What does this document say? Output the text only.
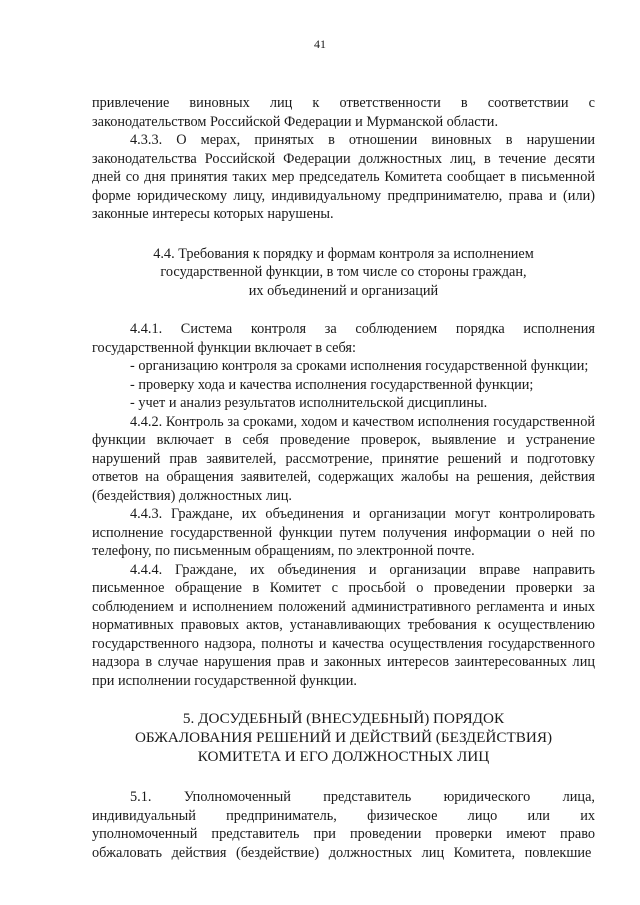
41

привлечение виновных лиц к ответственности в соответствии с законодательством Российской Федерации и Мурманской области.

4.3.3. О мерах, принятых в отношении виновных в нарушении законодательства Российской Федерации должностных лиц, в течение десяти дней со дня принятия таких мер председатель Комитета сообщает в письменной форме юридическому лицу, индивидуальному предпринимателю, права и (или) законные интересы которых нарушены.

4.4. Требования к порядку и формам контроля за исполнением
государственной функции, в том числе со стороны граждан,
их объединений и организаций

4.4.1. Система контроля за соблюдением порядка исполнения государственной функции включает в себя:

- организацию контроля за сроками исполнения государственной функции;

- проверку хода и качества исполнения государственной функции;

- учет и анализ результатов исполнительской дисциплины.

4.4.2. Контроль за сроками, ходом и качеством исполнения государственной функции включает в себя проведение проверок, выявление и устранение нарушений прав заявителей, рассмотрение, принятие решений и подготовку ответов на обращения заявителей, содержащих жалобы на решения, действия (бездействия) должностных лиц.

4.4.3. Граждане, их объединения и организации могут контролировать исполнение государственной функции путем получения информации о ней по телефону, по письменным обращениям, по электронной почте.

4.4.4. Граждане, их объединения и организации вправе направить письменное обращение в Комитет с просьбой о проведении проверки за соблюдением и исполнением положений административного регламента и иных нормативных правовых актов, устанавливающих требования к осуществлению государственного надзора, полноты и качества осуществления государственного надзора в случае нарушения прав и законных интересов заинтересованных лиц при исполнении государственной функции.

5. ДОСУДЕБНЫЙ (ВНЕСУДЕБНЫЙ) ПОРЯДОК
ОБЖАЛОВАНИЯ РЕШЕНИЙ И ДЕЙСТВИЙ (БЕЗДЕЙСТВИЯ)
КОМИТЕТА И ЕГО ДОЛЖНОСТНЫХ ЛИЦ

5.1. Уполномоченный представитель юридического лица, индивидуальный предприниматель, физическое лицо или их уполномоченный представитель при проведении проверки имеют право обжаловать действия (бездействие) должностных лиц Комитета, повлекшие
